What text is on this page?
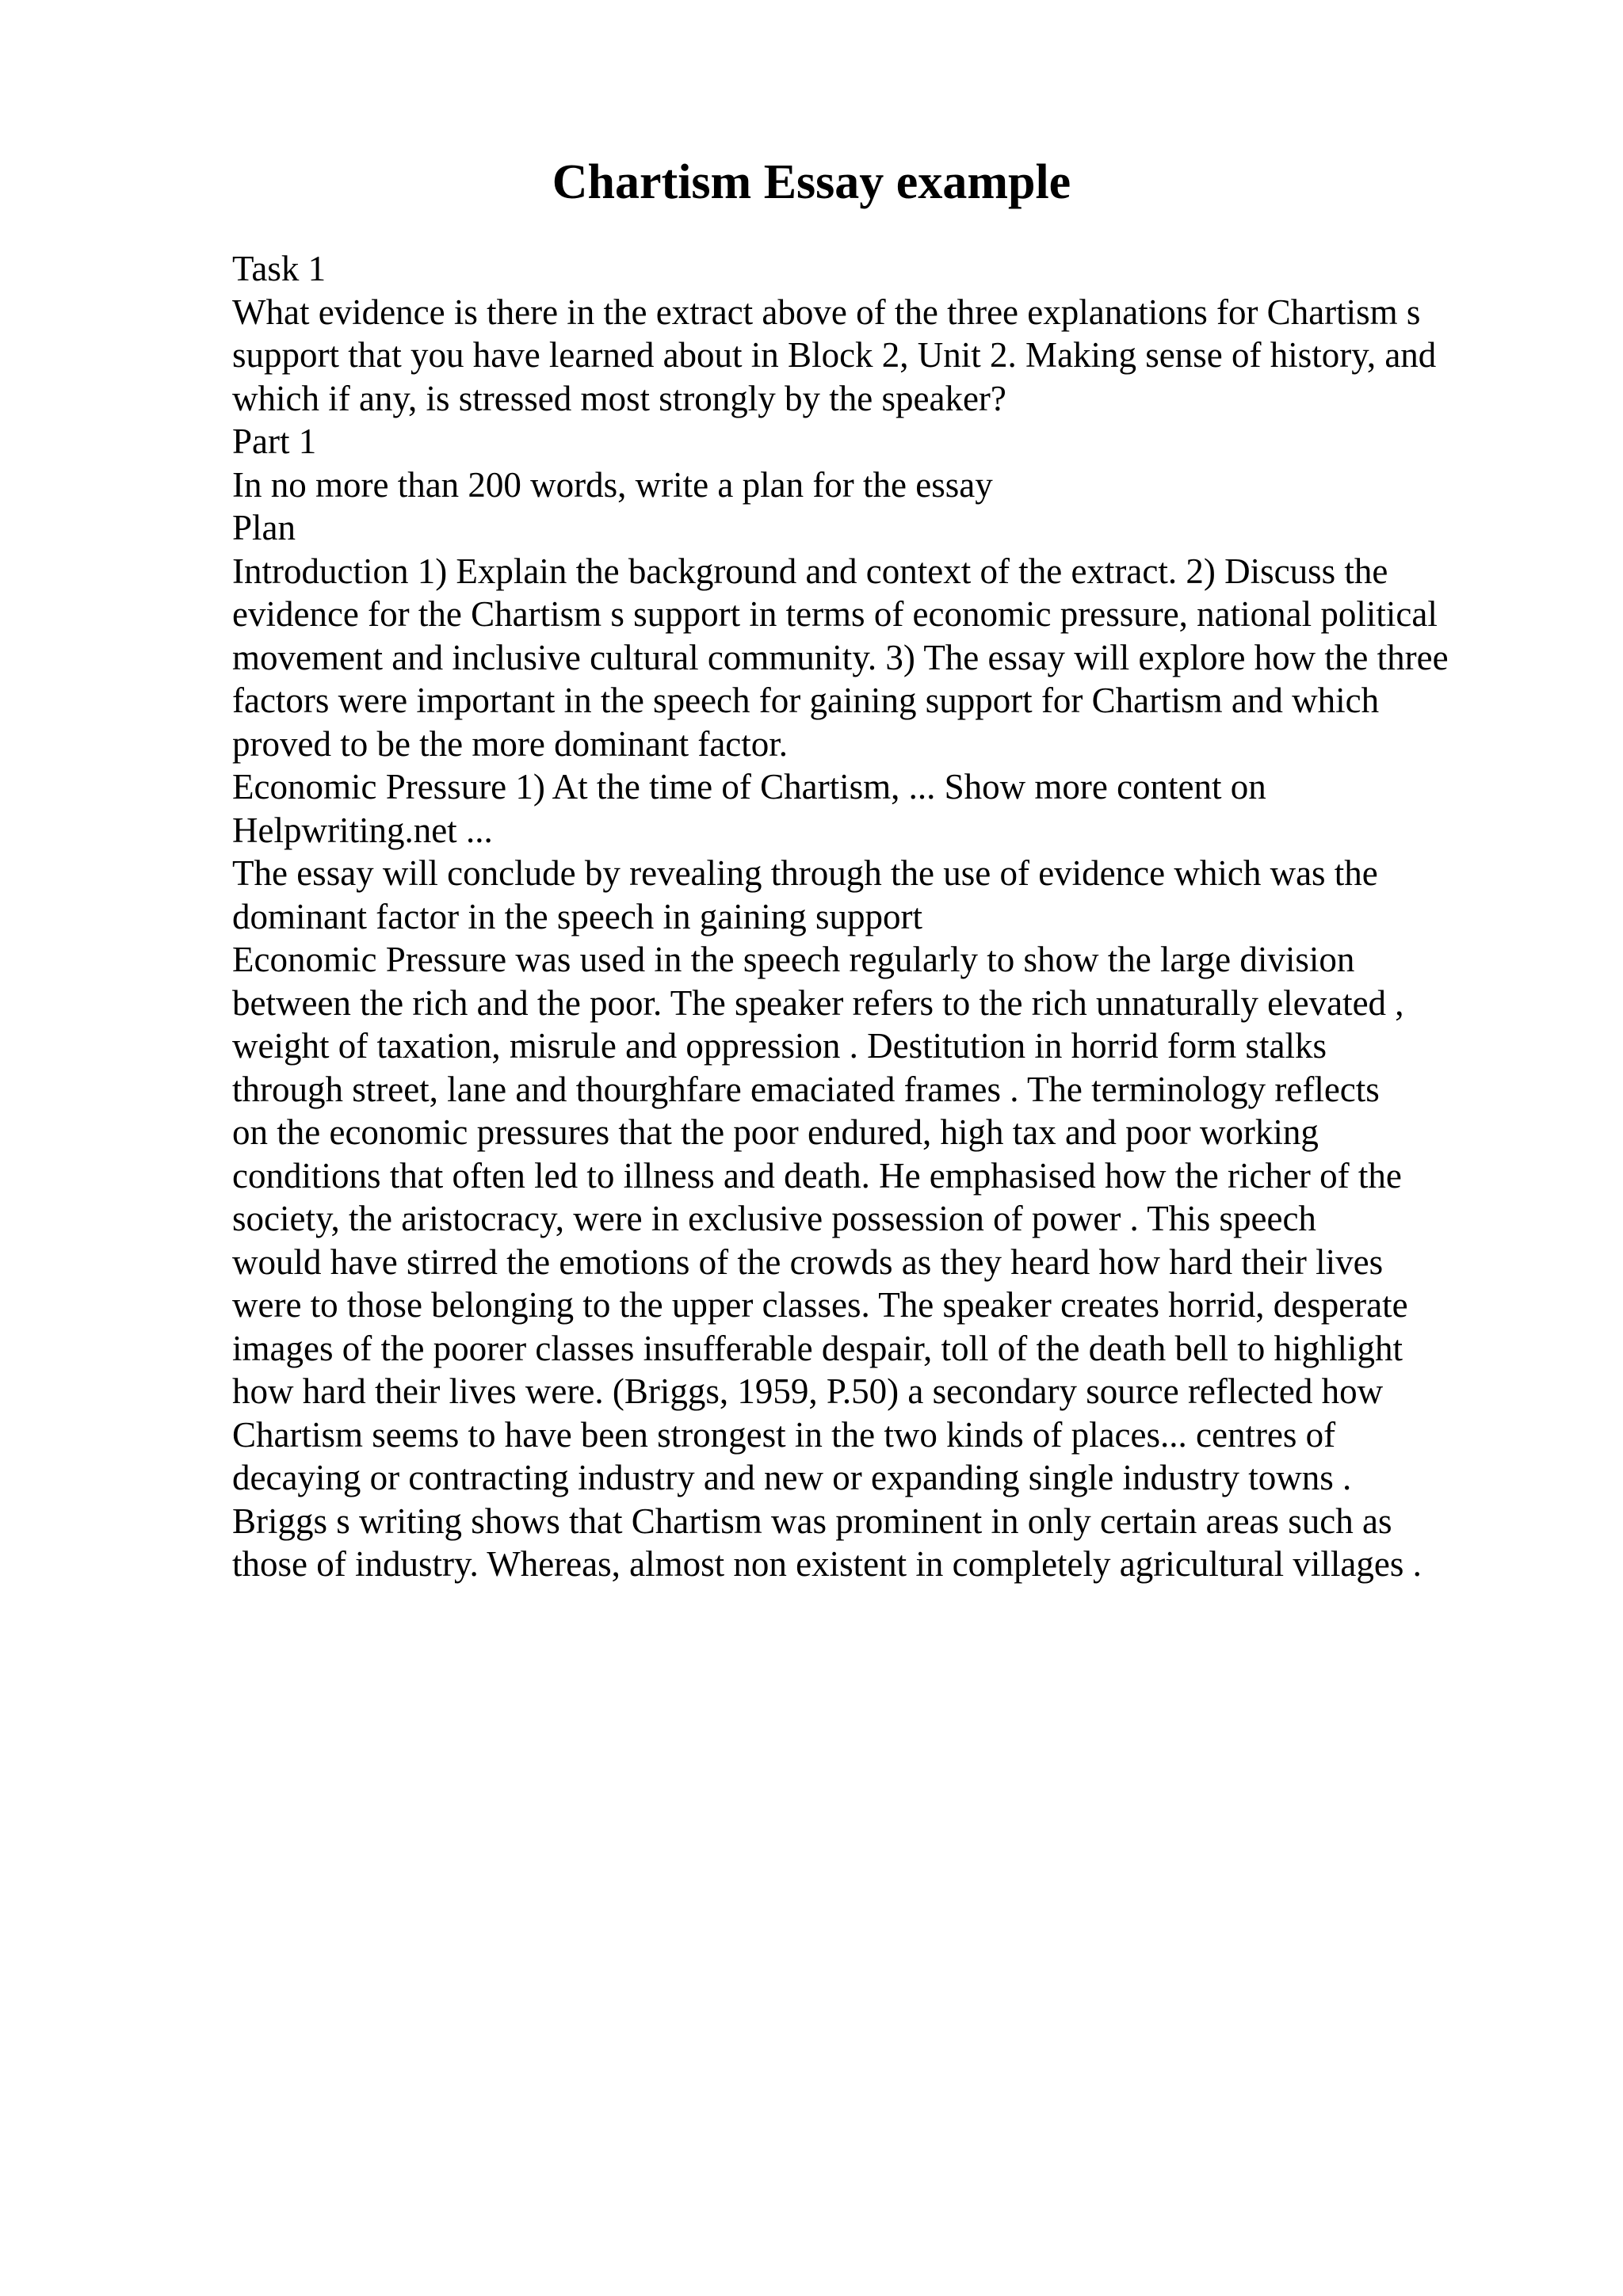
Chartism Essay example
Task 1
What evidence is there in the extract above of the three explanations for Chartism s
support that you have learned about in Block 2, Unit 2. Making sense of history, and
which if any, is stressed most strongly by the speaker?
Part 1
In no more than 200 words, write a plan for the essay
Plan
Introduction 1) Explain the background and context of the extract. 2) Discuss the
evidence for the Chartism s support in terms of economic pressure, national political
movement and inclusive cultural community. 3) The essay will explore how the three
factors were important in the speech for gaining support for Chartism and which
proved to be the more dominant factor.
Economic Pressure 1) At the time of Chartism, ... Show more content on
Helpwriting.net ...
The essay will conclude by revealing through the use of evidence which was the
dominant factor in the speech in gaining support
Economic Pressure was used in the speech regularly to show the large division
between the rich and the poor. The speaker refers to the rich unnaturally elevated ,
weight of taxation, misrule and oppression . Destitution in horrid form stalks
through street, lane and thourghfare emaciated frames . The terminology reflects
on the economic pressures that the poor endured, high tax and poor working
conditions that often led to illness and death. He emphasised how the richer of the
society, the aristocracy, were in exclusive possession of power . This speech
would have stirred the emotions of the crowds as they heard how hard their lives
were to those belonging to the upper classes. The speaker creates horrid, desperate
images of the poorer classes insufferable despair, toll of the death bell to highlight
how hard their lives were. (Briggs, 1959, P.50) a secondary source reflected how
Chartism seems to have been strongest in the two kinds of places... centres of
decaying or contracting industry and new or expanding single industry towns .
Briggs s writing shows that Chartism was prominent in only certain areas such as
those of industry. Whereas, almost non existent in completely agricultural villages .
